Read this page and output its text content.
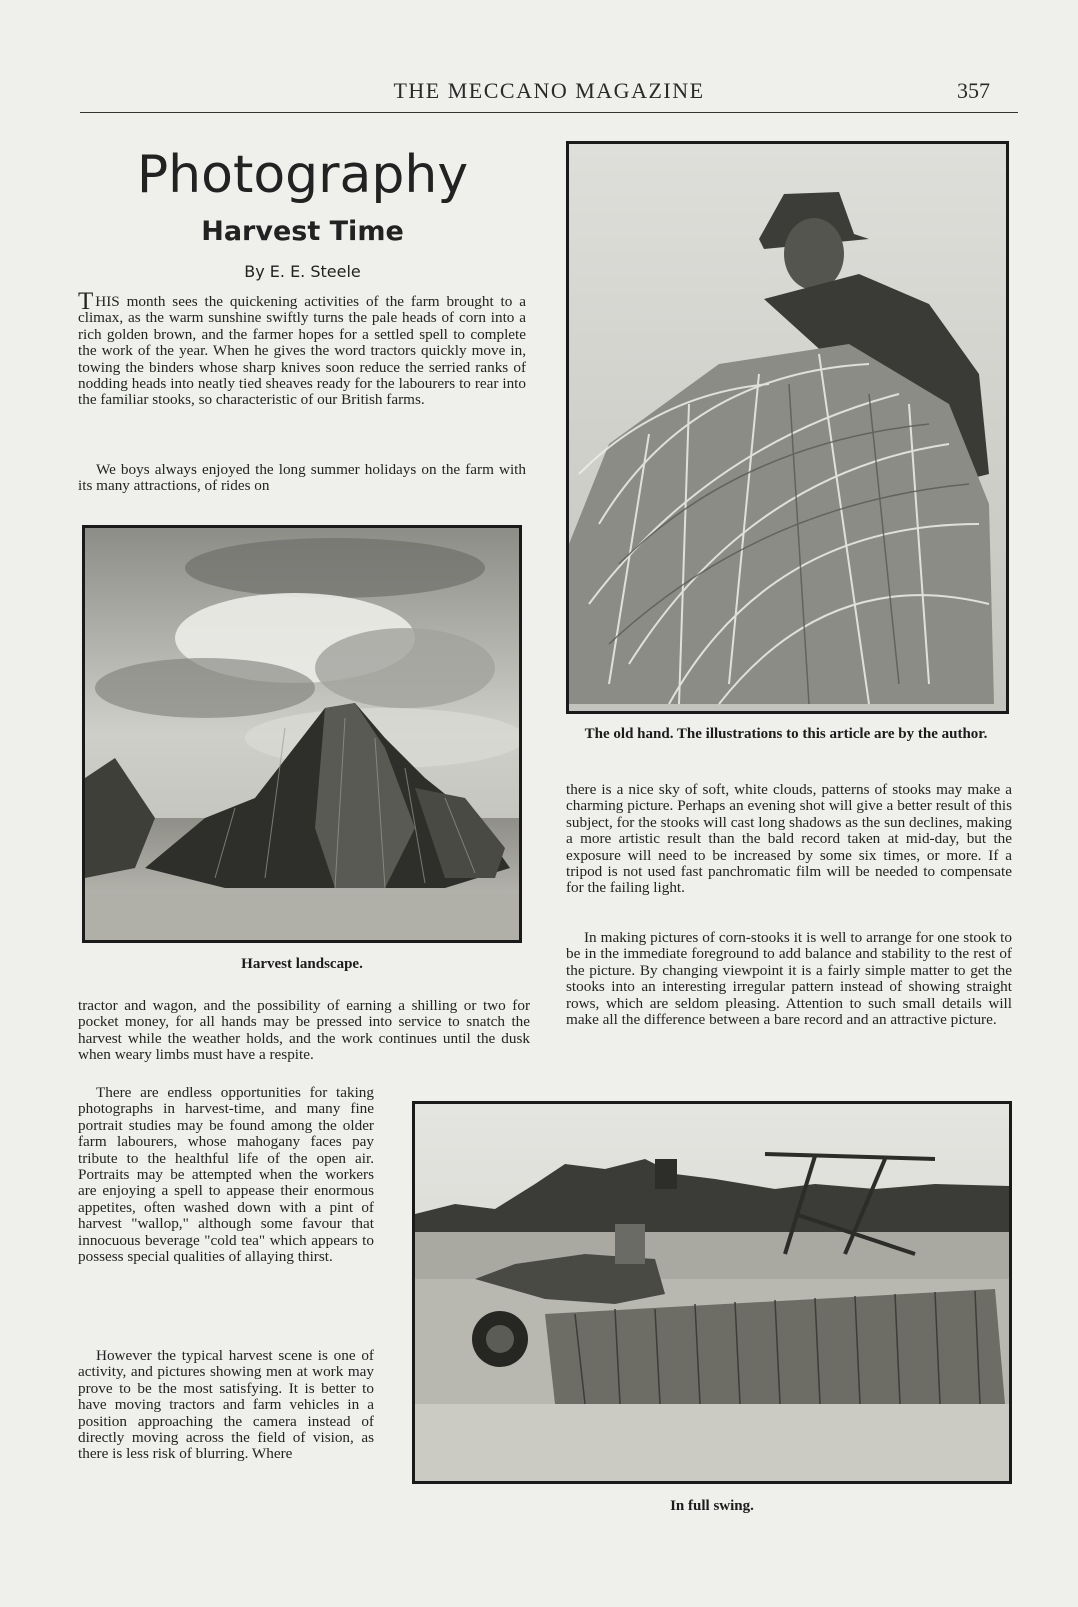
THE MECCANO MAGAZINE	357
Photography
Harvest Time
By E. E. Steele

THIS month sees the quickening activities of the farm brought to a climax, as the warm sunshine swiftly turns the pale heads of corn into a rich golden brown, and the farmer hopes for a settled spell to complete the work of the year. When he gives the word tractors quickly move in, towing the binders whose sharp knives soon reduce the serried ranks of nodding heads into neatly tied sheaves ready for the labourers to rear into the familiar stooks, so characteristic of our British farms.

We boys always enjoyed the long summer holidays on the farm with its many attractions, of rides on

Harvest landscape.

tractor and wagon, and the possibility of earning a shilling or two for pocket money, for all hands may be pressed into service to snatch the harvest while the weather holds, and the work continues until the dusk when weary limbs must have a respite.

There are endless opportunities for taking photographs in harvest-time, and many fine portrait studies may be found among the older farm labourers, whose mahogany faces pay tribute to the healthful life of the open air. Portraits may be attempted when the workers are enjoying a spell to appease their enormous appetites, often washed down with a pint of harvest "wallop," although some favour that innocuous beverage "cold tea" which appears to possess special qualities of allaying thirst.

However the typical harvest scene is one of activity, and pictures showing men at work may prove to be the most satisfying. It is better to have moving tractors and farm vehicles in a position approaching the camera instead of directly moving across the field of vision, as there is less risk of blurring. Where

The old hand. The illustrations to this article are by the author.

there is a nice sky of soft, white clouds, patterns of stooks may make a charming picture. Perhaps an evening shot will give a better result of this subject, for the stooks will cast long shadows as the sun declines, making a more artistic result than the bald record taken at mid-day, but the exposure will need to be increased by some six times, or more. If a tripod is not used fast panchromatic film will be needed to compensate for the failing light.

In making pictures of corn-stooks it is well to arrange for one stook to be in the immediate foreground to add balance and stability to the rest of the picture. By changing viewpoint it is a fairly simple matter to get the stooks into an interesting irregular pattern instead of showing straight rows, which are seldom pleasing. Attention to such small details will make all the difference between a bare record and an attractive picture.

In full swing.
